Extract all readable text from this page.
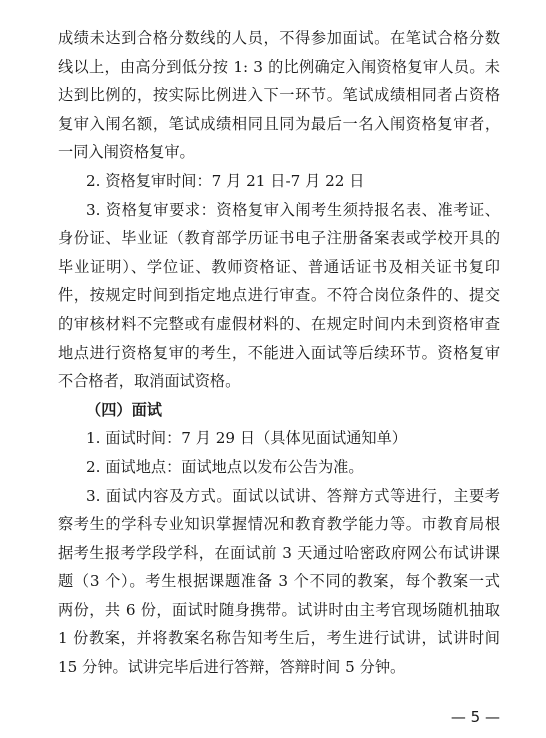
成绩未达到合格分数线的人员，不得参加面试。在笔试合格分数
线以上，由高分到低分按 1: 3 的比例确定入闱资格复审人员。未
达到比例的，按实际比例进入下一环节。笔试成绩相同者占资格
复审入闱名额，笔试成绩相同且同为最后一名入闱资格复审者，
一同入闱资格复审。
2. 资格复审时间：7 月 21 日-7 月 22 日
3. 资格复审要求：资格复审入闱考生须持报名表、准考证、
身份证、毕业证（教育部学历证书电子注册备案表或学校开具的
毕业证明）、学位证、教师资格证、普通话证书及相关证书复印
件，按规定时间到指定地点进行审查。不符合岗位条件的、提交
的审核材料不完整或有虚假材料的、在规定时间内未到资格审查
地点进行资格复审的考生，不能进入面试等后续环节。资格复审
不合格者，取消面试资格。
（四）面试
1. 面试时间：7 月 29 日（具体见面试通知单）
2. 面试地点：面试地点以发布公告为准。
3. 面试内容及方式。面试以试讲、答辩方式等进行，主要考
察考生的学科专业知识掌握情况和教育教学能力等。市教育局根
据考生报考学段学科，在面试前 3 天通过哈密政府网公布试讲课
题（3 个）。考生根据课题准备 3 个不同的教案，每个教案一式
两份，共 6 份，面试时随身携带。试讲时由主考官现场随机抽取
1 份教案，并将教案名称告知考生后，考生进行试讲，试讲时间
15 分钟。试讲完毕后进行答辩，答辩时间 5 分钟。
— 5 —
